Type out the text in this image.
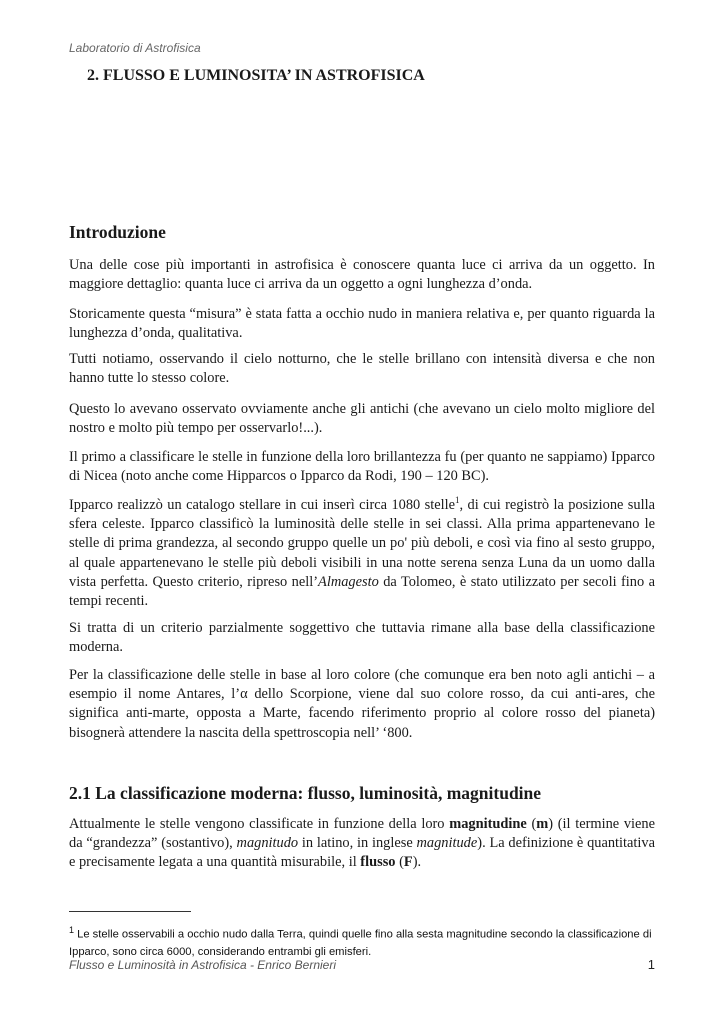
Laboratorio di Astrofisica
2. FLUSSO E LUMINOSITA’ IN ASTROFISICA
Introduzione

Una delle cose più importanti in astrofisica è conoscere quanta luce ci arriva da un oggetto. In maggiore dettaglio: quanta luce ci arriva da un oggetto a ogni lunghezza d’onda.

Storicamente questa “misura” è stata fatta a occhio nudo in maniera relativa e, per quanto riguarda la lunghezza d’onda, qualitativa.

Tutti notiamo, osservando il cielo notturno, che le stelle brillano con intensità diversa e che non hanno tutte lo stesso colore.

Questo lo avevano osservato ovviamente anche gli antichi (che avevano un cielo molto migliore del nostro e molto più tempo per osservarlo!...).

Il primo a classificare le stelle in funzione della loro brillantezza fu (per quanto ne sappiamo) Ipparco di Nicea (noto anche come Hipparcos o Ipparco da Rodi, 190 – 120 BC).

Ipparco realizzò un catalogo stellare in cui inserì circa 1080 stelle$^1$, di cui registrò la posizione sulla sfera celeste. Ipparco classificò la luminosità delle stelle in sei classi. Alla prima appartenevano le stelle di prima grandezza, al secondo gruppo quelle un po' più deboli, e così via fino al sesto gruppo, al quale appartenevano le stelle più deboli visibili in una notte serena senza Luna da un uomo dalla vista perfetta. Questo criterio, ripreso nell’Almagesto da Tolomeo, è stato utilizzato per secoli fino a tempi recenti.

Si tratta di un criterio parzialmente soggettivo che tuttavia rimane alla base della classificazione moderna.

Per la classificazione delle stelle in base al loro colore (che comunque era ben noto agli antichi – a esempio il nome Antares, l’α dello Scorpione, viene dal suo colore rosso, da cui anti-ares, che significa anti-marte, opposta a Marte, facendo riferimento proprio al colore rosso del pianeta) bisognerà attendere la nascita della spettroscopia nell’ ‘800.

2.1 La classificazione moderna: flusso, luminosità, magnitudine

Attualmente le stelle vengono classificate in funzione della loro magnitudine (m) (il termine viene da “grandezza” (sostantivo), magnitudo in latino, in inglese magnitude). La definizione è quantitativa e precisamente legata a una quantità misurabile, il flusso (F).

$^1$ Le stelle osservabili a occhio nudo dalla Terra, quindi quelle fino alla sesta magnitudine secondo la classificazione di Ipparco, sono circa 6000, considerando entrambi gli emisferi.
Flusso e Luminosità in Astrofisica - Enrico Bernieri	1
